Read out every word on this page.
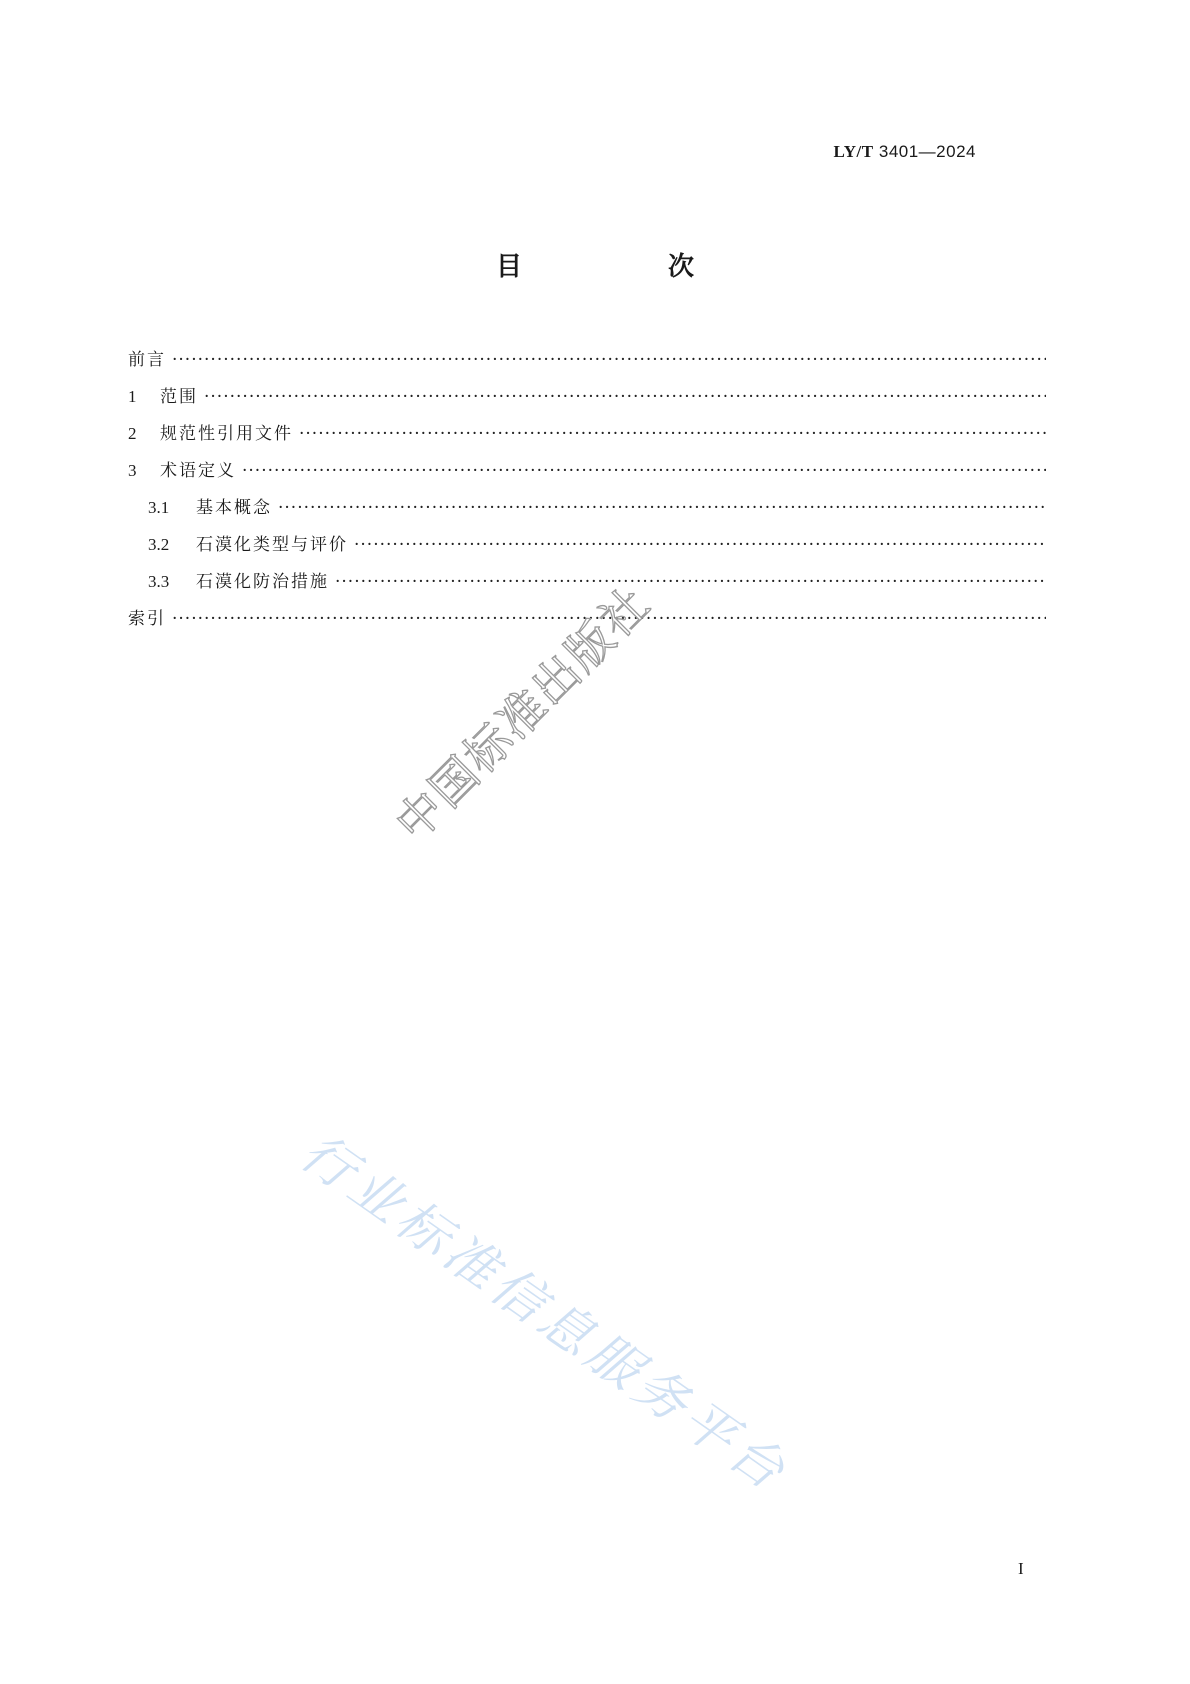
LY/T 3401—2024
目　次
前言
·····
1	范围
·····
2	规范性引用文件
·····
3	术语定义
·····
3.1	基本概念
·····
3.2	石漠化类型与评价
·····
3.3	石漠化防治措施
·····
索引
·····	中国标准出版社
行业标准信息服务平台
I
